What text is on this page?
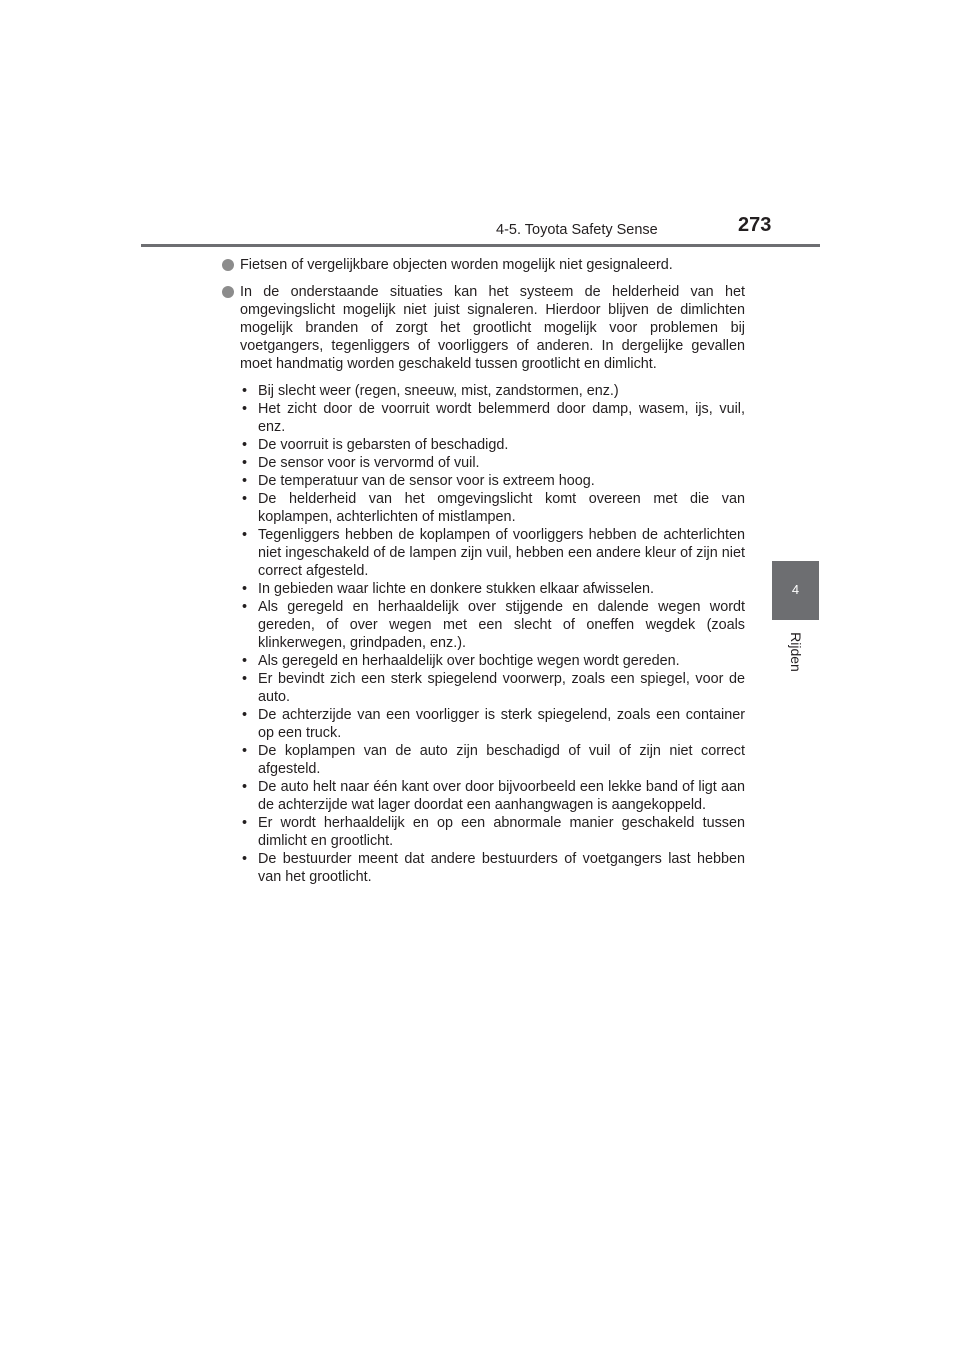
4-5. Toyota Safety Sense	273
4
Rijden
Fietsen of vergelijkbare objecten worden mogelijk niet gesignaleerd.
In de onderstaande situaties kan het systeem de helderheid van het omgevingslicht mogelijk niet juist signaleren. Hierdoor blijven de dimlichten mogelijk branden of zorgt het grootlicht mogelijk voor problemen bij voetgangers, tegenliggers of voorliggers of anderen. In dergelijke gevallen moet handmatig worden geschakeld tussen grootlicht en dimlicht.
• Bij slecht weer (regen, sneeuw, mist, zandstormen, enz.)
• Het zicht door de voorruit wordt belemmerd door damp, wasem, ijs, vuil, enz.
• De voorruit is gebarsten of beschadigd.
• De sensor voor is vervormd of vuil.
• De temperatuur van de sensor voor is extreem hoog.
• De helderheid van het omgevingslicht komt overeen met die van koplampen, achterlichten of mistlampen.
• Tegenliggers hebben de koplampen of voorliggers hebben de achterlichten niet ingeschakeld of de lampen zijn vuil, hebben een andere kleur of zijn niet correct afgesteld.
• In gebieden waar lichte en donkere stukken elkaar afwisselen.
• Als geregeld en herhaaldelijk over stijgende en dalende wegen wordt gereden, of over wegen met een slecht of oneffen wegdek (zoals klinkerwegen, grindpaden, enz.).
• Als geregeld en herhaaldelijk over bochtige wegen wordt gereden.
• Er bevindt zich een sterk spiegelend voorwerp, zoals een spiegel, voor de auto.
• De achterzijde van een voorligger is sterk spiegelend, zoals een container op een truck.
• De koplampen van de auto zijn beschadigd of vuil of zijn niet correct afgesteld.
• De auto helt naar één kant over door bijvoorbeeld een lekke band of ligt aan de achterzijde wat lager doordat een aanhangwagen is aangekoppeld.
• Er wordt herhaaldelijk en op een abnormale manier geschakeld tussen dimlicht en grootlicht.
• De bestuurder meent dat andere bestuurders of voetgangers last hebben van het grootlicht.
